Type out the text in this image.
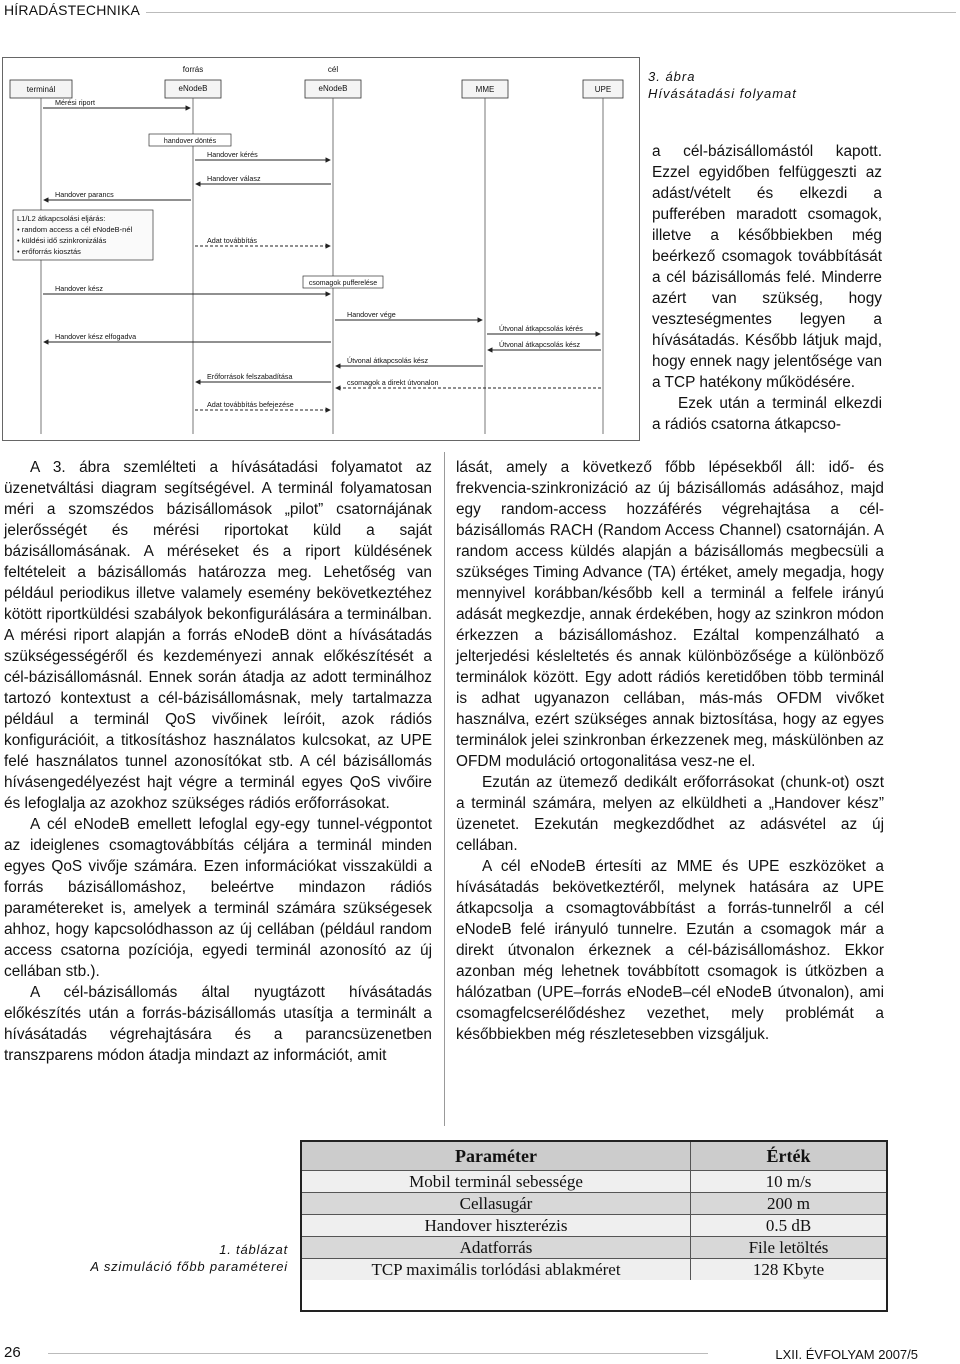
HÍRADÁSTECHNIKA
terminál
forrás
eNodeB
cél
eNodeB	MME	UPE
Mérési riport
Handover kérés
Handover válasz
Handover parancs
Adat továbbítás
Handover kész
Handover vége
Útvonal átkapcsolás kérés
Handover kész elfogadva
Útvonal átkapcsolás kész
Útvonal átkapcsolás kész
Erőforrások felszabadítása
csomagok a direkt útvonalon
Adat továbbítás befejezése
handover döntés
csomagok pufferelése
L1/L2 átkapcsolási eljárás:
• random access a cél eNodeB-nél
• küldési idő szinkronizálás
• erőforrás kiosztás
3. ábra
Hívásátadási folyamat

a cél-bázisállomástól kapott. Ezzel egyidőben felfüggeszti az adást/vételt és elkezdi a pufferében maradott csomagok, illetve a későbbiekben még beérkező csomagok továbbítását a cél bázisállomás felé. Minderre azért van szükség, hogy veszteségmentes legyen a hívásátadás. Később látjuk majd, hogy ennek nagy jelentősége van a TCP hatékony működésére.

Ezek után a terminál elkezdi a rádiós csatorna átkapcso-

A 3. ábra szemlélteti a hívásátadási folyamatot az üzenetváltási diagram segítségével. A terminál folyamatosan méri a szomszédos bázisállomások „pilot” csatornájának jelerősségét és mérési riportokat küld a saját bázisállomásának. A méréseket és a riport küldésének feltételeit a bázisállomás határozza meg. Lehetőség van például periodikus illetve valamely esemény bekövetkeztéhez kötött riportküldési szabályok bekonfigurálására a terminálban. A mérési riport alapján a forrás eNodeB dönt a hívásátadás szükségességéről és kezdeményezi annak előkészítését a cél-bázisállomásnál. Ennek során átadja az adott terminálhoz tartozó kontextust a cél-bázisállomásnak, mely tartalmazza például a terminál QoS vivőinek leíróit, azok rádiós konfigurációit, a titkosításhoz használatos kulcsokat, az UPE felé használatos tunnel azonosítókat stb. A cél bázisállomás hívásengedélyezést hajt végre a terminál egyes QoS vivőire és lefoglalja az azokhoz szükséges rádiós erőforrásokat.

A cél eNodeB emellett lefoglal egy-egy tunnel-végpontot az ideiglenes csomagtovábbítás céljára a terminál minden egyes QoS vivője számára. Ezen információkat visszaküldi a forrás bázisállomáshoz, beleértve mindazon rádiós paramétereket is, amelyek a terminál számára szükségesek ahhoz, hogy kapcsolódhasson az új cellában (például random access csatorna pozíciója, egyedi terminál azonosító az új cellában stb.).

A cél-bázisállomás által nyugtázott hívásátadás előkészítés után a forrás-bázisállomás utasítja a terminált a hívásátadás végrehajtására és a parancsüzenetben transzparens módon átadja mindazt az információt, amit

lását, amely a következő főbb lépésekből áll: idő- és frekvencia-szinkronizáció az új bázisállomás adásához, majd egy random-access hozzáférés végrehajtása a cél-bázisállomás RACH (Random Access Channel) csatornáján. A random access küldés alapján a bázisállomás megbecsüli a szükséges Timing Advance (TA) értéket, amely megadja, hogy mennyivel korábban/később kell a terminál a felfele irányú adását megkezdje, annak érdekében, hogy az szinkron módon érkezzen a bázisállomáshoz. Ezáltal kompenzálható a jelterjedési késleltetés és annak különbözősége a különböző terminálok között. Egy adott rádiós keretidőben több terminál is adhat ugyanazon cellában, más-más OFDM vivőket használva, ezért szükséges annak biztosítása, hogy az egyes terminálok jelei szinkronban érkezzenek meg, máskülönben az OFDM moduláció ortogonalitása vesz-ne el.

Ezután az ütemező dedikált erőforrásokat (chunk-ot) oszt a terminál számára, melyen az elküldheti a „Handover kész” üzenetet. Ezekután megkezdődhet az adásvétel az új cellában.

A cél eNodeB értesíti az MME és UPE eszközöket a hívásátadás bekövetkeztéről, melynek hatására az UPE átkapcsolja a csomagtovábbítást a forrás-tunnelről a cél eNodeB felé irányuló tunnelre. Ezután a csomagok már a direkt útvonalon érkeznek a cél-bázisállomáshoz. Ekkor azonban még lehetnek továbbított csomagok is útközben a hálózatban (UPE–forrás eNodeB–cél eNodeB útvonalon), ami csomagfelcserélődéshez vezethet, mely problémát a későbbiekben még részletesebben vizsgáljuk.

1. táblázat
A szimuláció főbb paraméterei
Paraméter	Érték
Mobil terminál sebessége	10 m/s
Cellasugár	200 m
Handover hiszterézis	0.5 dB
Adatforrás	File letöltés
TCP maximális torlódási ablakméret	128 Kbyte
26	LXII. ÉVFOLYAM 2007/5
